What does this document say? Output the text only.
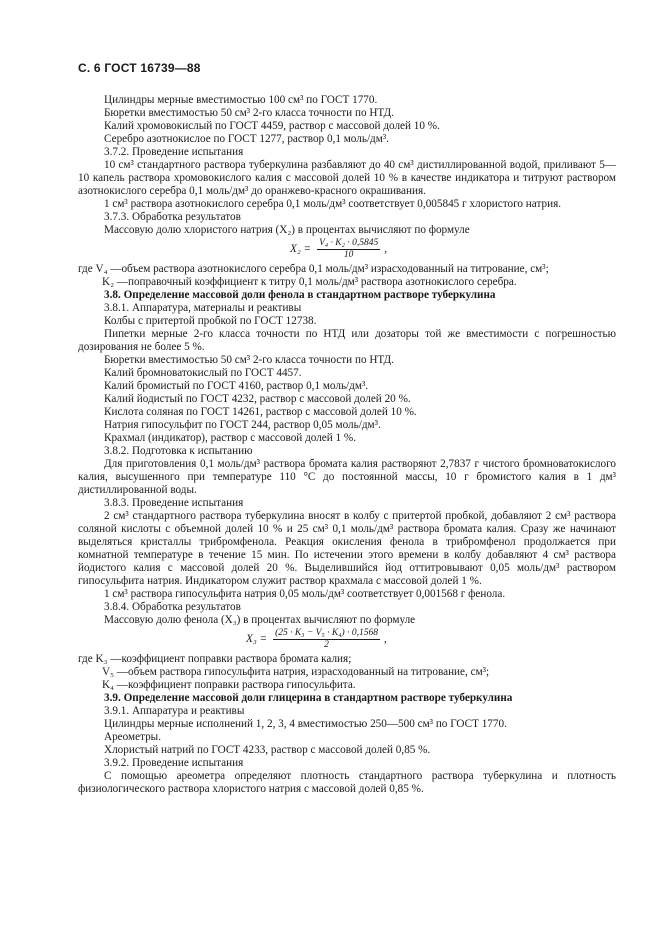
С. 6 ГОСТ 16739—88

Цилиндры мерные вместимостью 100 см³ по ГОСТ 1770.

Бюретки вместимостью 50 см³ 2-го класса точности по НТД.

Калий хромовокислый по ГОСТ 4459, раствор с массовой долей 10 %.

Серебро азотнокислое по ГОСТ 1277, раствор 0,1 моль/дм³.

3.7.2. Проведение испытания

10 см³ стандартного раствора туберкулина разбавляют до 40 см³ дистиллированной водой, приливают 5—10 капель раствора хромовокислого калия с массовой долей 10 % в качестве индикатора и титруют раствором азотнокислого серебра 0,1 моль/дм³ до оранжево-красного окрашивания.

1 см³ раствора азотнокислого серебра 0,1 моль/дм³ соответствует 0,005845 г хлористого натрия.

3.7.3. Обработка результатов

Массовую долю хлористого натрия (X₂) в процентах вычисляют по формуле

$X_2 = \frac{\text{V₄ · K₂ · 0,5845}}{10}$ ,
где V₄ — объем раствора азотнокислого серебра 0,1 моль/дм³ израсходованный на титрование, см³;
K₂ — поправочный коэффициент к титру 0,1 моль/дм³ раствора азотнокислого серебра.

3.8. Определение массовой доли фенола в стандартном растворе туберкулина

3.8.1. Аппаратура, материалы и реактивы

Колбы с притертой пробкой по ГОСТ 12738.

Пипетки мерные 2-го класса точности по НТД или дозаторы той же вместимости с погрешностью дозирования не более 5 %.

Бюретки вместимостью 50 см³ 2-го класса точности по НТД.

Калий бромноватокислый по ГОСТ 4457.

Калий бромистый по ГОСТ 4160, раствор 0,1 моль/дм³.

Калий йодистый по ГОСТ 4232, раствор с массовой долей 20 %.

Кислота соляная по ГОСТ 14261, раствор с массовой долей 10 %.

Натрия гипосульфит по ГОСТ 244, раствор 0,05 моль/дм³.

Крахмал (индикатор), раствор с массовой долей 1 %.

3.8.2. Подготовка к испытанию

Для приготовления 0,1 моль/дм³ раствора бромата калия растворяют 2,7837 г чистого бромноватокислого калия, высушенного при температуре 110 °С до постоянной массы, 10 г бромистого калия в 1 дм³ дистиллированной воды.

3.8.3. Проведение испытания

2 см³ стандартного раствора туберкулина вносят в колбу с притертой пробкой, добавляют 2 см³ раствора соляной кислоты с объемной долей 10 % и 25 см³ 0,1 моль/дм³ раствора бромата калия. Сразу же начинают выделяться кристаллы трибромфенола. Реакция окисления фенола в трибромфенол продолжается при комнатной температуре в течение 15 мин. По истечении этого времени в колбу добавляют 4 см³ раствора йодистого калия с массовой долей 20 %. Выделившийся йод оттитровывают 0,05 моль/дм³ раствором гипосульфита натрия. Индикатором служит раствор крахмала с массовой долей 1 %.

1 см³ раствора гипосульфита натрия 0,05 моль/дм³ соответствует 0,001568 г фенола.

3.8.4. Обработка результатов

Массовую долю фенола (X₃) в процентах вычисляют по формуле

$X_3 = \frac{\text{(25 · K₃ − V₅ · K₄) · 0,1568}}{2}$ ,
где K₃ — коэффициент поправки раствора бромата калия;
V₅ — объем раствора гипосульфита натрия, израсходованный на титрование, см³;
K₄ — коэффициент поправки раствора гипосульфита.

3.9. Определение массовой доли глицерина в стандартном растворе туберкулина

3.9.1. Аппаратура и реактивы

Цилиндры мерные исполнений 1, 2, 3, 4 вместимостью 250—500 см³ по ГОСТ 1770.

Ареометры.

Хлористый натрий по ГОСТ 4233, раствор с массовой долей 0,85 %.

3.9.2. Проведение испытания

С помощью ареометра определяют плотность стандартного раствора туберкулина и плотность физиологического раствора хлористого натрия с массовой долей 0,85 %.
